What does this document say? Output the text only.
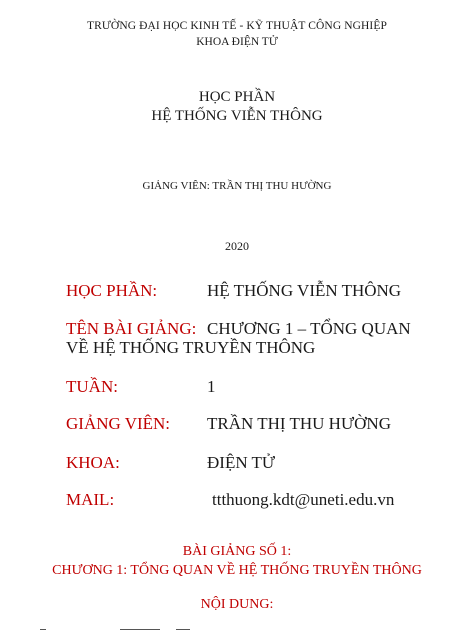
TRƯỜNG ĐẠI HỌC KINH TẾ - KỸ THUẬT CÔNG NGHIỆP
KHOA ĐIỆN TỬ
HỌC PHẦN
HỆ THỐNG VIỄN THÔNG
GIẢNG VIÊN: TRẦN THỊ THU HƯỜNG
2020
HỌC PHẦN:	HỆ THỐNG VIỄN THÔNG
TÊN BÀI GIẢNG: CHƯƠNG 1 – TỔNG QUAN
VỀ HỆ THỐNG TRUYỀN THÔNG
TUẦN:	1
GIẢNG VIÊN: TRẦN THỊ THU HƯỜNG
KHOA:	ĐIỆN TỬ
MAIL:	ttthuong.kdt@uneti.edu.vn
BÀI GIẢNG SỐ 1:
CHƯƠNG 1: TỔNG QUAN VỀ HỆ THỐNG TRUYỀN THÔNG
NỘI DUNG:
